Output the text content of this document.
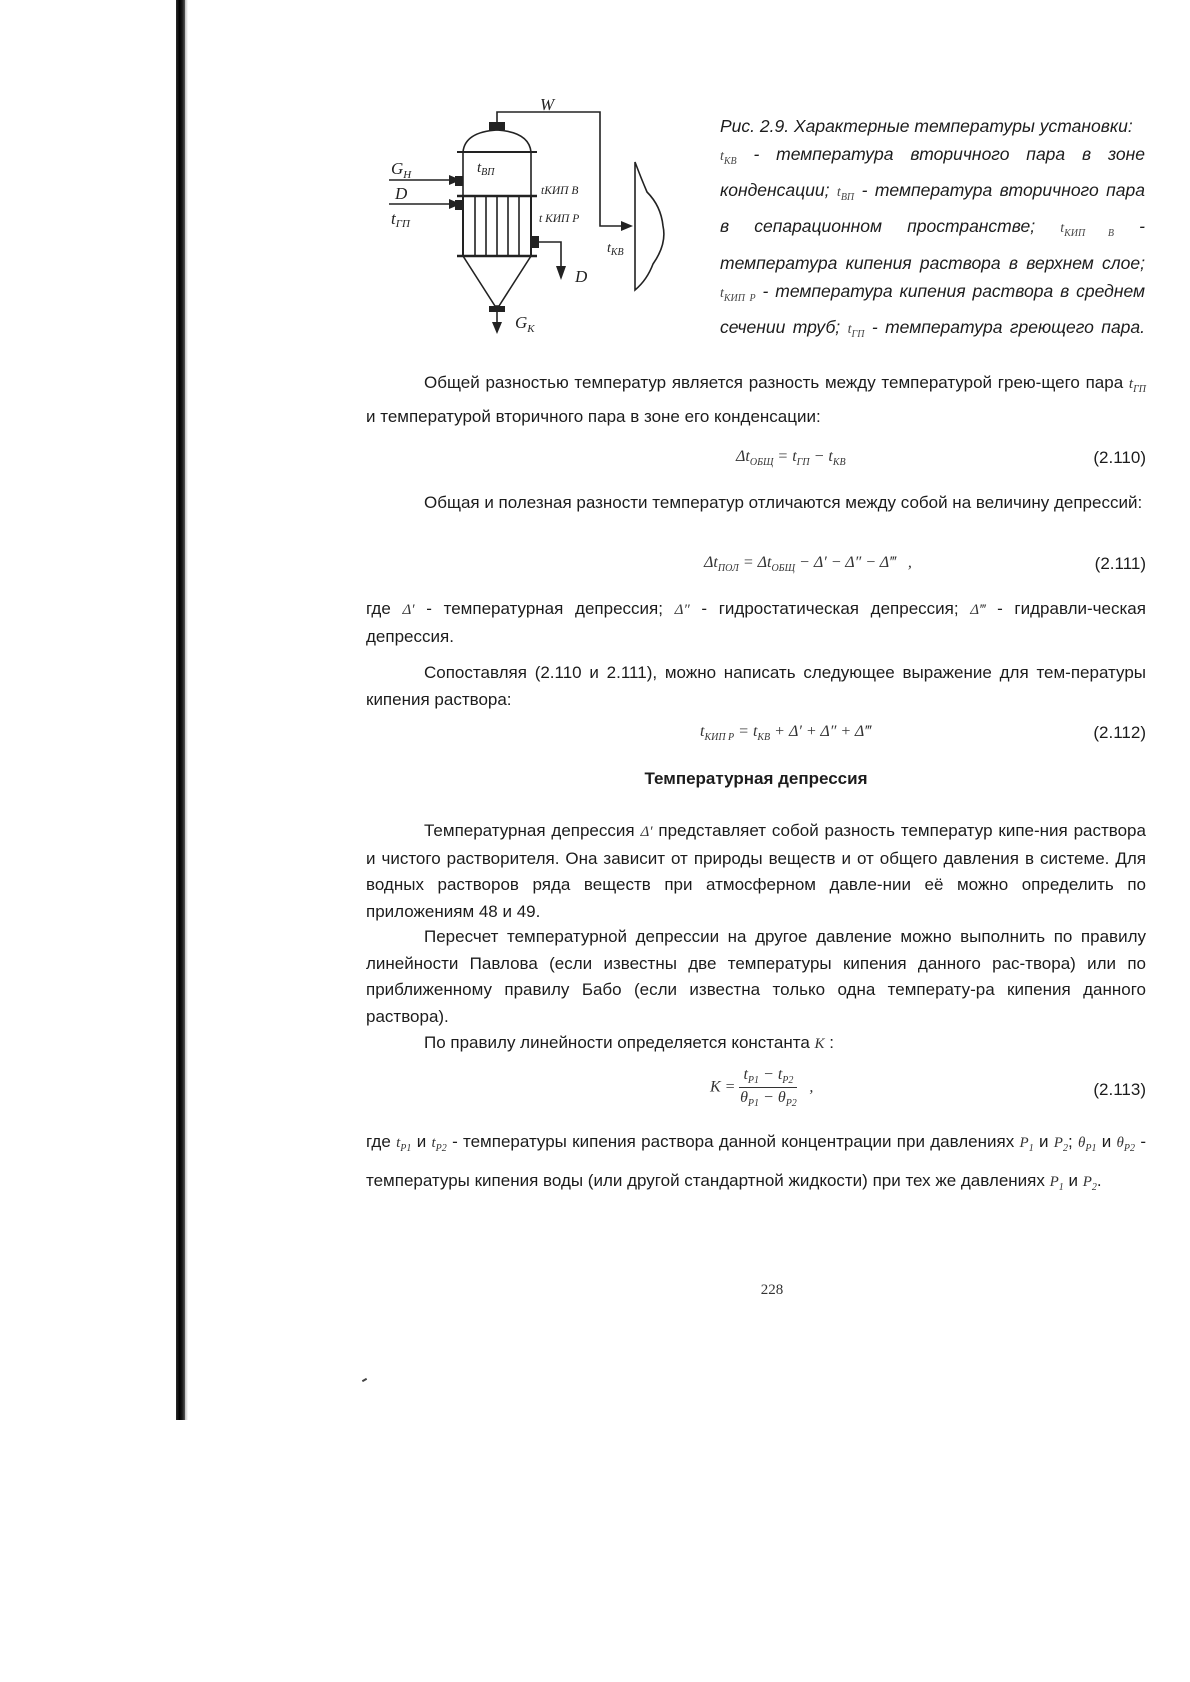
W
$G_К$
D
$G_H$
D
tГП
$t_{ВП}$
tКИП В
t КИП Р
$t_{КВ}$
Рис. 2.9. Характерные температуры установки:
$t_{КВ}$ - температура вторичного пара в зоне конденсации; $t_{ВП}$ - температура вторичного пара в сепарационном пространстве; $t_{КИП В}$ - температура кипения раствора в верхнем слое; $t_{КИП Р}$ - температура кипения раствора в среднем сечении труб; $t_{ГП}$ - температура греющего пара.
Общей разностью температур является разность между температурой грею-щего пара $t_{ГП}$ и температурой вторичного пара в зоне его конденсации:
$\Delta t_{ОБЩ} = t_{ГП} - t_{КВ}$	(2.110)
Общая и полезная разности температур отличаются между собой на величину депрессий:
$\Delta t_{ПОЛ} = \Delta t_{ОБЩ} - \Delta' - \Delta''$ − Δ‴   ,	(2.111)
где Δ′ - температурная депрессия; Δ″ - гидростатическая депрессия; Δ‴ - гидравли-ческая депрессия.
Сопоставляя (2.110 и 2.111), можно написать следующее выражение для тем-пературы кипения раствора:
$t_{КИП Р} = t_{КВ} + \Delta' + \Delta''$ + Δ‴	(2.112)
Температурная депрессия
Температурная депрессия Δ′ представляет собой разность температур кипе-ния раствора и чистого растворителя. Она зависит от природы веществ и от общего давления в системе. Для водных растворов ряда веществ при атмосферном давле-нии её можно определить по приложениям 48 и 49.
Пересчет температурной депрессии на другое давление можно выполнить по правилу линейности Павлова (если известны две температуры кипения данного рас-твора) или по приближенному правилу Бабо (если известна только одна температу-ра кипения данного раствора).
По правилу линейности определяется константа K :
$K = \frac{t_{P1} - t_{P2}}{\theta_{P1} - \theta_{P2}}$ ,	(2.113)
где $t_{P1}$ и $t_{P2}$ - температуры кипения раствора данной концентрации при давлениях $P_1$ и $P_2$; $\theta_{P1}$ и $\theta_{P2}$ - температуры кипения воды (или другой стандартной жидкости) при тех же давлениях $P_1$ и $P_2$.
228
